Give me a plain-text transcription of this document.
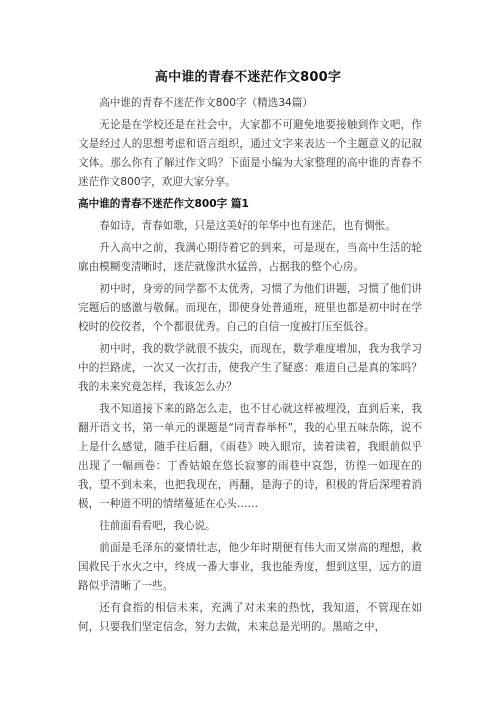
高中谁的青春不迷茫作文800字

高中谁的青春不迷茫作文800字（精选34篇）

无论是在学校还是在社会中，大家都不可避免地要接触到作文吧，作文是经过人的思想考虑和语言组织，通过文字来表达一个主题意义的记叙文体。那么你有了解过作文吗？下面是小编为大家整理的高中谁的青春不迷茫作文800字，欢迎大家分享。

高中谁的青春不迷茫作文800字 篇1

春如诗，青春如歌，只是这美好的年华中也有迷茫，也有惆怅。

升入高中之前，我满心期待着它的到来，可是现在，当高中生活的轮廓由模糊变清晰时，迷茫就像洪水猛兽，占据我的整个心房。

初中时，身旁的同学都不太优秀，习惯了为他们讲题，习惯了他们讲完题后的感激与敬佩。而现在，即使身处普通班，班里也都是初中时在学校时的佼佼者，个个都很优秀。自己的自信一度被打压至低谷。

初中时，我的数学就很不拔尖，而现在，数学难度增加，我为我学习中的拦路虎，一次又一次打击，使我产生了疑惑：难道自己是真的笨吗？我的未来究竟怎样，我该怎么办？

我不知道接下来的路怎么走，也不甘心就这样被埋没，直到后来，我翻开语文书，第一单元的课题是“同青春举杯”，我的心里五味杂陈，说不上是什么感觉，随手往后翻，《雨巷》映入眼帘，读着读着，我眼前似乎出现了一幅画卷：丁香姑娘在悠长寂寥的雨巷中哀怨，彷徨一如现在的我，望不到未来，也把我现在，再翻，是海子的诗，积极的背后深埋着消极，一种道不明的情绪蔓延在心头……

往前面看看吧，我心说。

前面是毛泽东的豪情壮志，他少年时期便有伟大而又崇高的理想，救国救民于水火之中，终成一番大事业，我也能秀度，想到这里，远方的道路似乎清晰了一些。

还有食指的相信未来，充满了对未来的热忱，我知道，不管现在如何，只要我们坚定信念，努力去做，未来总是光明的。黑暗之中，
